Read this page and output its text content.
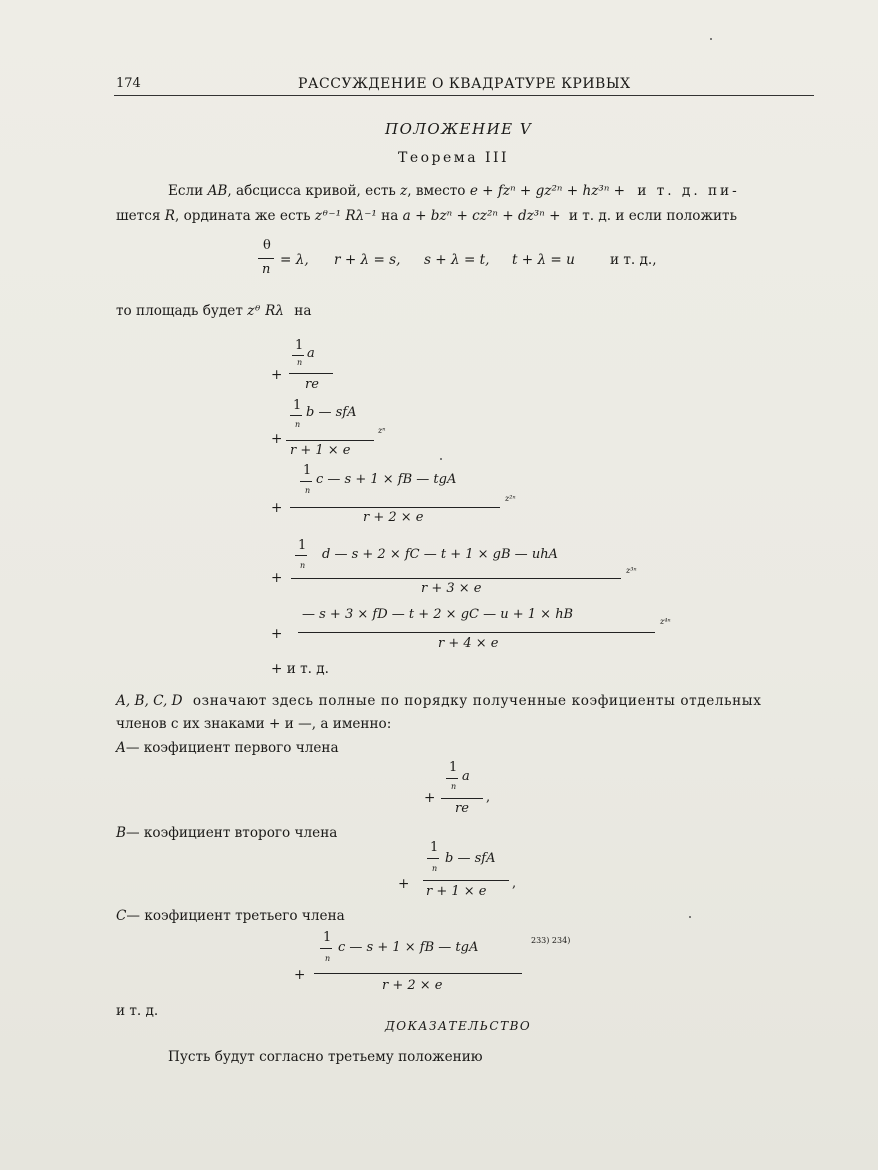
174	РАССУЖДЕНИЕ О КВАДРАТУРЕ КРИВЫХ
ПОЛОЖЕНИЕ V
Теорема III
Если AB, абсцисса кривой, есть z, вместо e + fzⁿ + gz²ⁿ + hz³ⁿ + и т. д. пи-
шется R, ордината же есть zᶿ⁻¹ Rλ⁻¹ на a + bzⁿ + cz²ⁿ + dz³ⁿ + и т. д. и если положить
θ
n
= λ, r + λ = s, s + λ = t, t + λ = u	и т. д.,
то площадь будет zᶿ Rλ на
+
1
n
a
re
+
1
n
b — sfA
r + 1 × e
zⁿ
+
1
n
c — s + 1 × fB — tgA
r + 2 × e
z²ⁿ
+
1
n
d — s + 2 × fC — t + 1 × gB — uhA
r + 3 × e
z³ⁿ
+
— s + 3 × fD — t + 2 × gC — u + 1 × hB
r + 4 × e
z⁴ⁿ
+ и т. д.
A, B, C, D означают здесь полные по порядку полученные коэфициенты отдельных
членов с их знаками + и —, а именно:
A— коэфициент первого члена
+
1
n
a
re
,
B— коэфициент второго члена
+
1
n
b — sfA
r + 1 × e
,
C— коэфициент третьего члена
+
1
n
c — s + 1 × fB — tgA
r + 2 × e
233) 234)
и т. д.
ДОКАЗАТЕЛЬСТВО
Пусть будут согласно третьему положению
